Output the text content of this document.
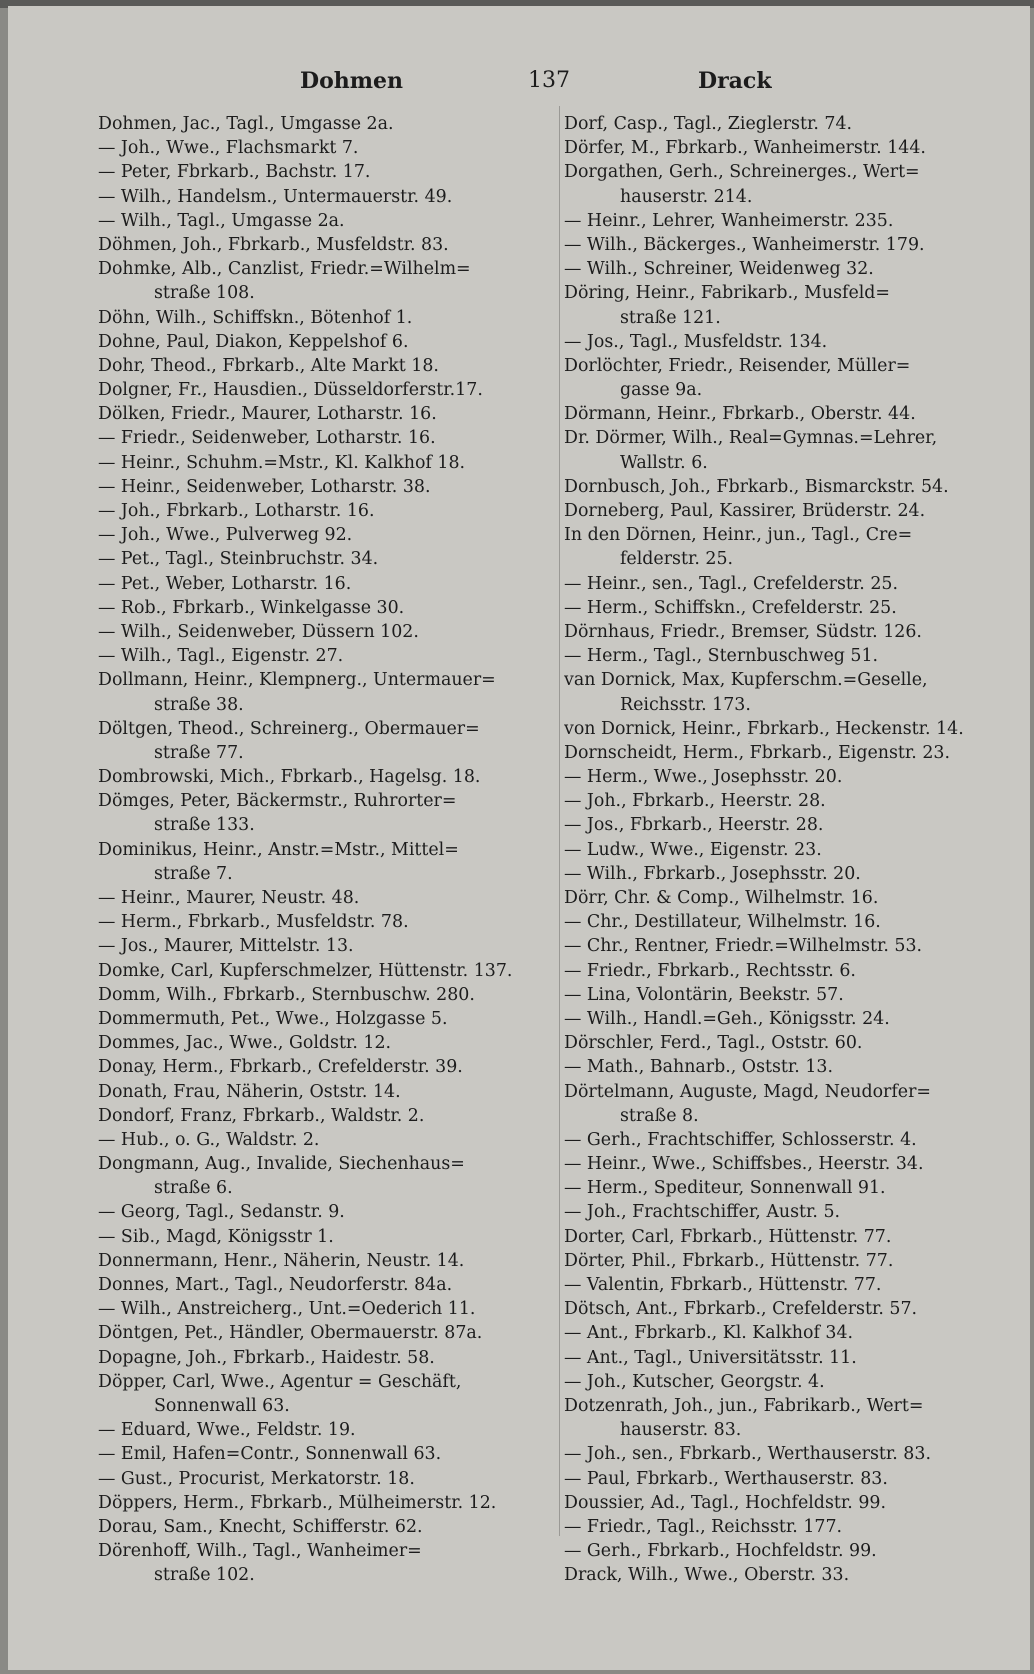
Dohmen	137	Drack
Dohmen, Jac., Tagl., Umgasse 2a.
— Joh., Wwe., Flachsmarkt 7.
— Peter, Fbrkarb., Bachstr. 17.
— Wilh., Handelsm., Untermauerstr. 49.
— Wilh., Tagl., Umgasse 2a.
Döhmen, Joh., Fbrkarb., Musfeldstr. 83.
Dohmke, Alb., Canzlist, Friedr.=Wilhelm=
straße 108.
Döhn, Wilh., Schiffskn., Bötenhof 1.
Dohne, Paul, Diakon, Keppelshof 6.
Dohr, Theod., Fbrkarb., Alte Markt 18.
Dolgner, Fr., Hausdien., Düsseldorferstr.17.
Dölken, Friedr., Maurer, Lotharstr. 16.
— Friedr., Seidenweber, Lotharstr. 16.
— Heinr., Schuhm.=Mstr., Kl. Kalkhof 18.
— Heinr., Seidenweber, Lotharstr. 38.
— Joh., Fbrkarb., Lotharstr. 16.
— Joh., Wwe., Pulverweg 92.
— Pet., Tagl., Steinbruchstr. 34.
— Pet., Weber, Lotharstr. 16.
— Rob., Fbrkarb., Winkelgasse 30.
— Wilh., Seidenweber, Düssern 102.
— Wilh., Tagl., Eigenstr. 27.
Dollmann, Heinr., Klempnerg., Untermauer=
straße 38.
Döltgen, Theod., Schreinerg., Obermauer=
straße 77.
Dombrowski, Mich., Fbrkarb., Hagelsg. 18.
Dömges, Peter, Bäckermstr., Ruhrorter=
straße 133.
Dominikus, Heinr., Anstr.=Mstr., Mittel=
straße 7.
— Heinr., Maurer, Neustr. 48.
— Herm., Fbrkarb., Musfeldstr. 78.
— Jos., Maurer, Mittelstr. 13.
Domke, Carl, Kupferschmelzer, Hüttenstr. 137.
Domm, Wilh., Fbrkarb., Sternbuschw. 280.
Dommermuth, Pet., Wwe., Holzgasse 5.
Dommes, Jac., Wwe., Goldstr. 12.
Donay, Herm., Fbrkarb., Crefelderstr. 39.
Donath, Frau, Näherin, Oststr. 14.
Dondorf, Franz, Fbrkarb., Waldstr. 2.
— Hub., o. G., Waldstr. 2.
Dongmann, Aug., Invalide, Siechenhaus=
straße 6.
— Georg, Tagl., Sedanstr. 9.
— Sib., Magd, Königsstr 1.
Donnermann, Henr., Näherin, Neustr. 14.
Donnes, Mart., Tagl., Neudorferstr. 84a.
— Wilh., Anstreicherg., Unt.=Oederich 11.
Döntgen, Pet., Händler, Obermauerstr. 87a.
Dopagne, Joh., Fbrkarb., Haidestr. 58.
Döpper, Carl, Wwe., Agentur = Geschäft,
Sonnenwall 63.
— Eduard, Wwe., Feldstr. 19.
— Emil, Hafen=Contr., Sonnenwall 63.
— Gust., Procurist, Merkatorstr. 18.
Döppers, Herm., Fbrkarb., Mülheimerstr. 12.
Dorau, Sam., Knecht, Schifferstr. 62.
Dörenhoff, Wilh., Tagl., Wanheimer=
straße 102.
Dorf, Casp., Tagl., Zieglerstr. 74.
Dörfer, M., Fbrkarb., Wanheimerstr. 144.
Dorgathen, Gerh., Schreinerges., Wert=
hauserstr. 214.
— Heinr., Lehrer, Wanheimerstr. 235.
— Wilh., Bäckerges., Wanheimerstr. 179.
— Wilh., Schreiner, Weidenweg 32.
Döring, Heinr., Fabrikarb., Musfeld=
straße 121.
— Jos., Tagl., Musfeldstr. 134.
Dorlöchter, Friedr., Reisender, Müller=
gasse 9a.
Dörmann, Heinr., Fbrkarb., Oberstr. 44.
Dr. Dörmer, Wilh., Real=Gymnas.=Lehrer,
Wallstr. 6.
Dornbusch, Joh., Fbrkarb., Bismarckstr. 54.
Dorneberg, Paul, Kassirer, Brüderstr. 24.
In den Dörnen, Heinr., jun., Tagl., Cre=
felderstr. 25.
— Heinr., sen., Tagl., Crefelderstr. 25.
— Herm., Schiffskn., Crefelderstr. 25.
Dörnhaus, Friedr., Bremser, Südstr. 126.
— Herm., Tagl., Sternbuschweg 51.
van Dornick, Max, Kupferschm.=Geselle,
Reichsstr. 173.
von Dornick, Heinr., Fbrkarb., Heckenstr. 14.
Dornscheidt, Herm., Fbrkarb., Eigenstr. 23.
— Herm., Wwe., Josephsstr. 20.
— Joh., Fbrkarb., Heerstr. 28.
— Jos., Fbrkarb., Heerstr. 28.
— Ludw., Wwe., Eigenstr. 23.
— Wilh., Fbrkarb., Josephsstr. 20.
Dörr, Chr. & Comp., Wilhelmstr. 16.
— Chr., Destillateur, Wilhelmstr. 16.
— Chr., Rentner, Friedr.=Wilhelmstr. 53.
— Friedr., Fbrkarb., Rechtsstr. 6.
— Lina, Volontärin, Beekstr. 57.
— Wilh., Handl.=Geh., Königsstr. 24.
Dörschler, Ferd., Tagl., Oststr. 60.
— Math., Bahnarb., Oststr. 13.
Dörtelmann, Auguste, Magd, Neudorfer=
straße 8.
— Gerh., Frachtschiffer, Schlosserstr. 4.
— Heinr., Wwe., Schiffsbes., Heerstr. 34.
— Herm., Spediteur, Sonnenwall 91.
— Joh., Frachtschiffer, Austr. 5.
Dorter, Carl, Fbrkarb., Hüttenstr. 77.
Dörter, Phil., Fbrkarb., Hüttenstr. 77.
— Valentin, Fbrkarb., Hüttenstr. 77.
Dötsch, Ant., Fbrkarb., Crefelderstr. 57.
— Ant., Fbrkarb., Kl. Kalkhof 34.
— Ant., Tagl., Universitätsstr. 11.
— Joh., Kutscher, Georgstr. 4.
Dotzenrath, Joh., jun., Fabrikarb., Wert=
hauserstr. 83.
— Joh., sen., Fbrkarb., Werthauserstr. 83.
— Paul, Fbrkarb., Werthauserstr. 83.
Doussier, Ad., Tagl., Hochfeldstr. 99.
— Friedr., Tagl., Reichsstr. 177.
— Gerh., Fbrkarb., Hochfeldstr. 99.
Drack, Wilh., Wwe., Oberstr. 33.
